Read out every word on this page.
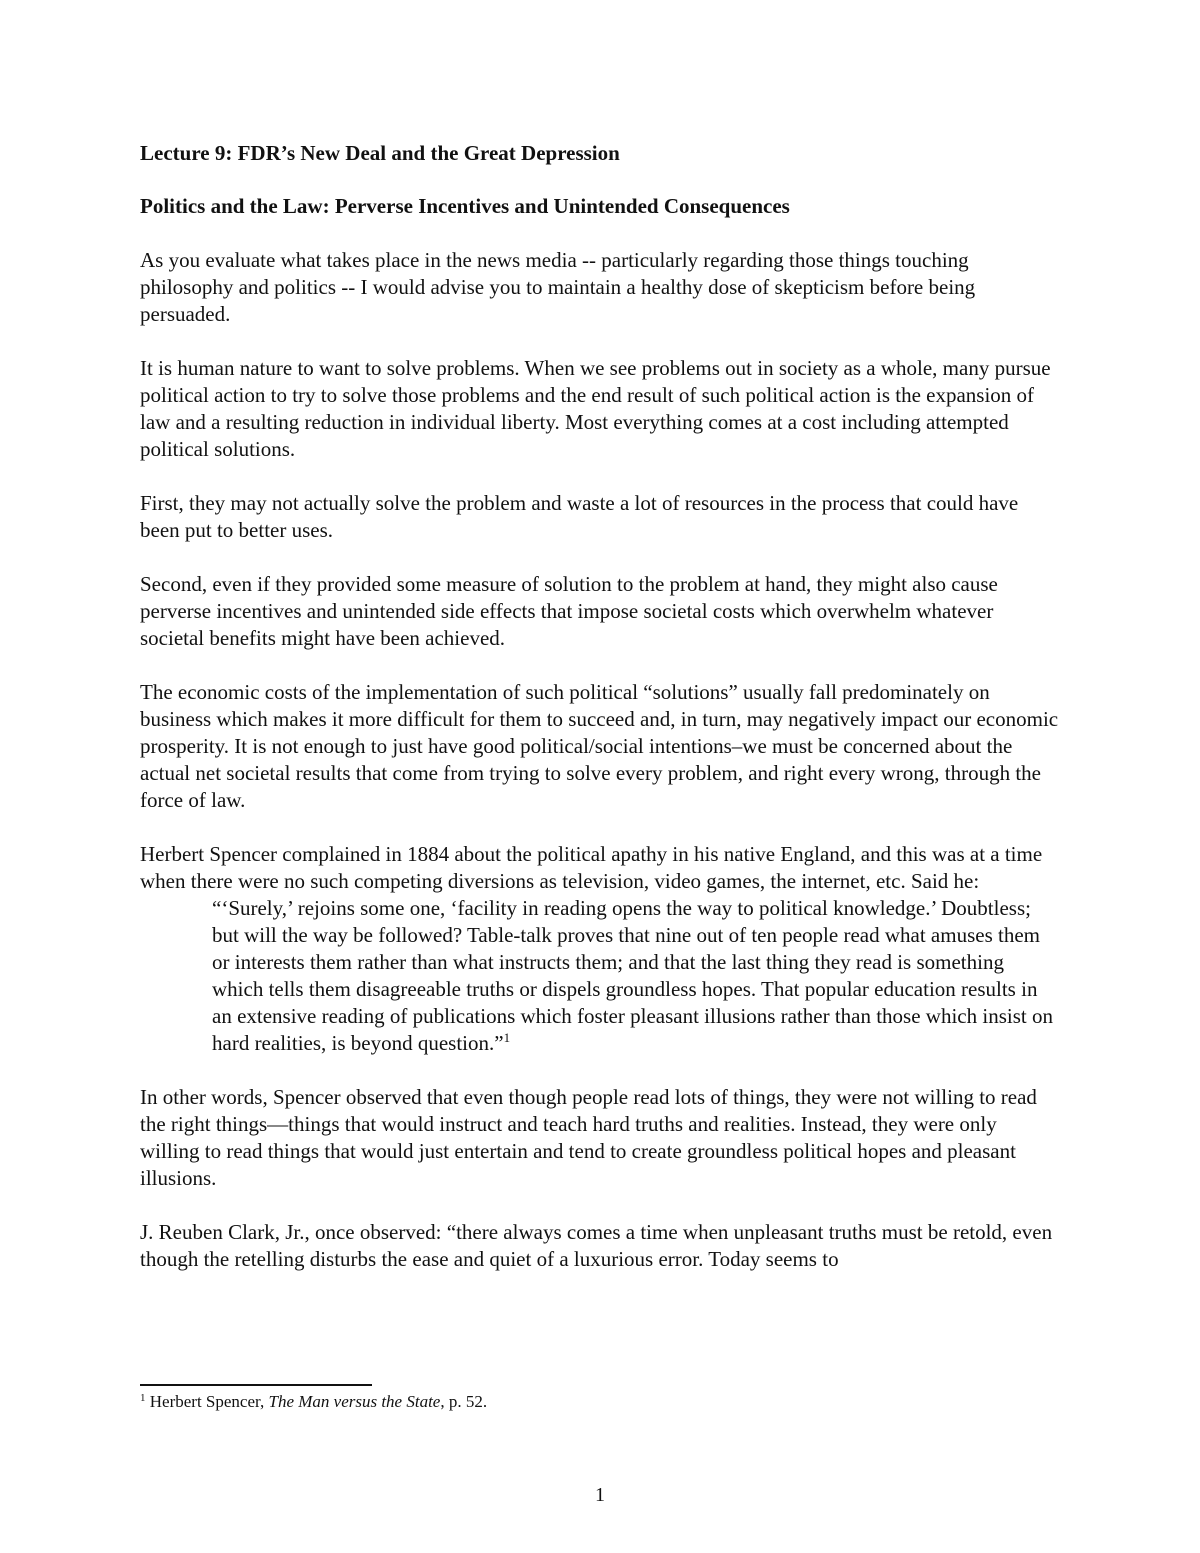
Lecture 9: FDR’s New Deal and the Great Depression
Politics and the Law: Perverse Incentives and Unintended Consequences

As you evaluate what takes place in the news media -- particularly regarding those things touching philosophy and politics -- I would advise you to maintain a healthy dose of skepticism before being persuaded.

It is human nature to want to solve problems. When we see problems out in society as a whole, many pursue political action to try to solve those problems and the end result of such political action is the expansion of law and a resulting reduction in individual liberty. Most everything comes at a cost including attempted political solutions.

First, they may not actually solve the problem and waste a lot of resources in the process that could have been put to better uses.

Second, even if they provided some measure of solution to the problem at hand, they might also cause perverse incentives and unintended side effects that impose societal costs which overwhelm whatever societal benefits might have been achieved.

The economic costs of the implementation of such political “solutions” usually fall predominately on business which makes it more difficult for them to succeed and, in turn, may negatively impact our economic prosperity. It is not enough to just have good political/social intentions–we must be concerned about the actual net societal results that come from trying to solve every problem, and right every wrong, through the force of law.

Herbert Spencer complained in 1884 about the political apathy in his native England, and this was at a time when there were no such competing diversions as television, video games, the internet, etc. Said he:

“‘Surely,’ rejoins some one, ‘facility in reading opens the way to political knowledge.’ Doubtless; but will the way be followed? Table-talk proves that nine out of ten people read what amuses them or interests them rather than what instructs them; and that the last thing they read is something which tells them disagreeable truths or dispels groundless hopes. That popular education results in an extensive reading of publications which foster pleasant illusions rather than those which insist on hard realities, is beyond question.”$^1$

In other words, Spencer observed that even though people read lots of things, they were not willing to read the right things—things that would instruct and teach hard truths and realities. Instead, they were only willing to read things that would just entertain and tend to create groundless political hopes and pleasant illusions.

J. Reuben Clark, Jr., once observed: “there always comes a time when unpleasant truths must be retold, even though the retelling disturbs the ease and quiet of a luxurious error. Today seems to

$^1$ Herbert Spencer, The Man versus the State, p. 52.
1
